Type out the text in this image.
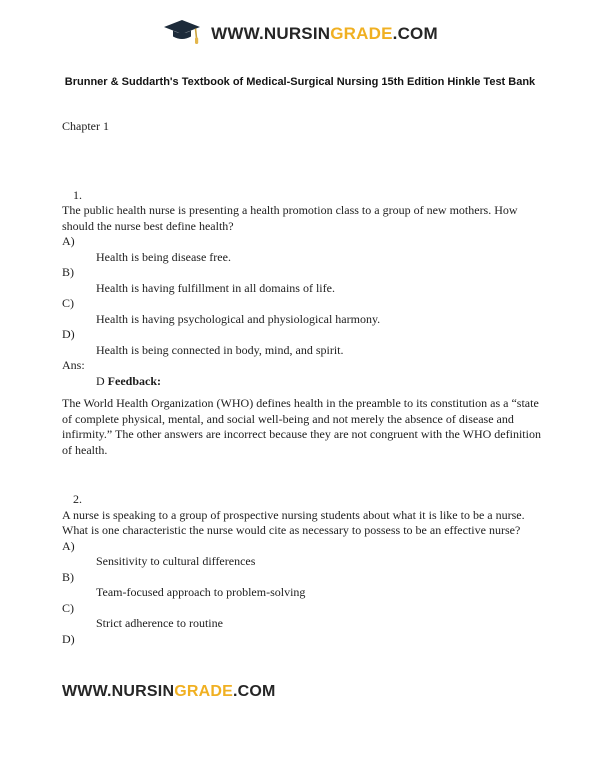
WWW.NURSINGRADE.COM
Brunner & Suddarth's Textbook of Medical-Surgical Nursing 15th Edition Hinkle Test Bank
Chapter 1
1.
The public health nurse is presenting a health promotion class to a group of new mothers. How should the nurse best define health?
A)
Health is being disease free.
B)
Health is having fulfillment in all domains of life.
C)
Health is having psychological and physiological harmony.
D)
Health is being connected in body, mind, and spirit.
Ans:
D Feedback:
The World Health Organization (WHO) defines health in the preamble to its constitution as a “state of complete physical, mental, and social well-being and not merely the absence of disease and infirmity.” The other answers are incorrect because they are not congruent with the WHO definition of health.
2.
A nurse is speaking to a group of prospective nursing students about what it is like to be a nurse. What is one characteristic the nurse would cite as necessary to possess to be an effective nurse?
A)
Sensitivity to cultural differences
B)
Team-focused approach to problem-solving
C)
Strict adherence to routine
D)
WWW.NURSINGRADE.COM
